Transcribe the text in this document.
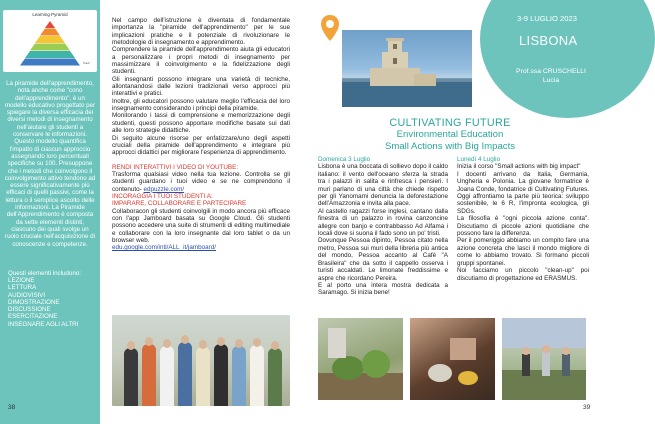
Learning Pyramid
Teach
La piramide dell'apprendimento, nota anche come "cono dell'apprendimento", è un modello educativo progettato per spiegare la diversa efficacia dei diversi metodi di insegnamento nell'aiutare gli studenti a conservare le informazioni. Questo modello quantifica l'impatto di ciascun approccio assegnando loro percentuali specifiche su 100. Presuppone che i metodi che coinvolgono il coinvolgimento attivo tendono ad essere significativamente più efficaci di quelli passivi, come la lettura o il semplice ascolto delle informazioni. La Piramide dell'Apprendimento è composta da sette elementi distinti, ciascuno dei quali svolge un ruolo cruciale nell'acquisizione di conoscenze e competenze.
Questi elementi includono:
LEZIONE
LETTURA
AUDIOVISIVI
DIMOSTRAZIONE
DISCUSSIONE
ESERCITAZIONE
INSEGNARE AGLI ALTRI
38

Nel campo dell'istruzione è diventata di fondamentale importanza la "piramide dell'apprendimento" per le sue implicazioni pratiche e il potenziale di rivoluzionare le metodologie di insegnamento e apprendimento.

Comprendere la piramide dell'apprendimento aiuta gli educatori a personalizzare i propri metodi di insegnamento per massimizzare il coinvolgimento e la fidelizzazione degli studenti.

Gli insegnanti possono integrare una varietà di tecniche, allontanandosi dalle lezioni tradizionali verso approcci più interattivi e pratici.

Inoltre, gli educatori possono valutare meglio l'efficacia del loro insegnamento considerando i principi della piramide.

Monitorando i tassi di comprensione e memorizzazione degli studenti, questi possono apportare modifiche basate sui dati alle loro strategie didattiche.

Di seguito alcune risorse per enfatizzare/uno degli aspetti cruciali della piramide dell'apprendimento e integrare più approcci didattici per migliorare l'esperienza di apprendimento.

RENDI INTERATTIVI I VIDEO DI YOUTUBE:

Trasforma qualsiasi video nella tua lezione. Controlla se gli studenti guardano i tuoi video e se ne comprendono il contenuto- edpuzzle.com/

INCORAGGIA I TUOI STUDENTI A:

IMPARARE, COLLABORARE E PARTECIPARE

Collaboracon gli studenti coinvolgili in modo ancora più efficace con l'app Jamboard basata su Google Cloud. Gli studenti possono accedere una suite di strumenti di editing multimediale e collaborare con la loro insegnante dal loro tablet o da un browser web.

edu.google.com/intl/ALL_it/jamboard/

3-9 LUGLIO 2023
LISBONA
Prof.ssa CRUSCHELLI
Lucia
CULTIVATING FUTURE
Environmental Education
Small Actions with Big Impacts

Domenica 3 Luglio

Lisbona è una boccata di sollievo dopo il caldo italiano: il vento dell'oceano sferza la strada tra i palazzi in salita e rinfresca i pensieri. I muri parlano di una città che chiede rispetto per gli Yanomami denuncia la deforestazione dell'Amazzonia e invita alla pace.

Al castello ragazzi forse inglesi, cantano dalla finestra di un palazzo in rovina canzoncine allegre con banjo e contrabbasso Ad Alfama i locali dove si suona il fado sono un po' tristi.

Dovunque Pessoa dipinto, Pessoa citato nella metro, Pessoa sui muri della libreria più antica del mondo, Pessoa accanto al Café "A Brasileira" che da sotto il cappello osserva i turisti accaldati. Le limonate freddissime e aspre che ricordano Pereira.

E al porto una intera mostra dedicata a Saramago. Si inizia bene!

Lunedì 4 Luglio

Inizia il corso "Small actions with big impact"

I docenti arrivano da Italia, Germania, Ungheria e Polonia. La giovane formatrice è Joana Conde, fondatrice di Cultivating Futures. Oggi affrontiamo la parte più teorica: sviluppo sostenibile, le 6 R, l'impronta ecologica, gli SDGs.

La filosofia è "ogni piccola azione conta". Discutiamo di piccole azioni quotidiane che possono fare la differenza.

Per il pomeriggio abbiamo un compito fare una azione concreta che lasci il mondo migliore di come lo abbiamo trovato. Si formano piccoli gruppi spontanei.

Noi facciamo un piccolo "clean-up" poi discutiamo di progettazione ed ERASMUS.

39
